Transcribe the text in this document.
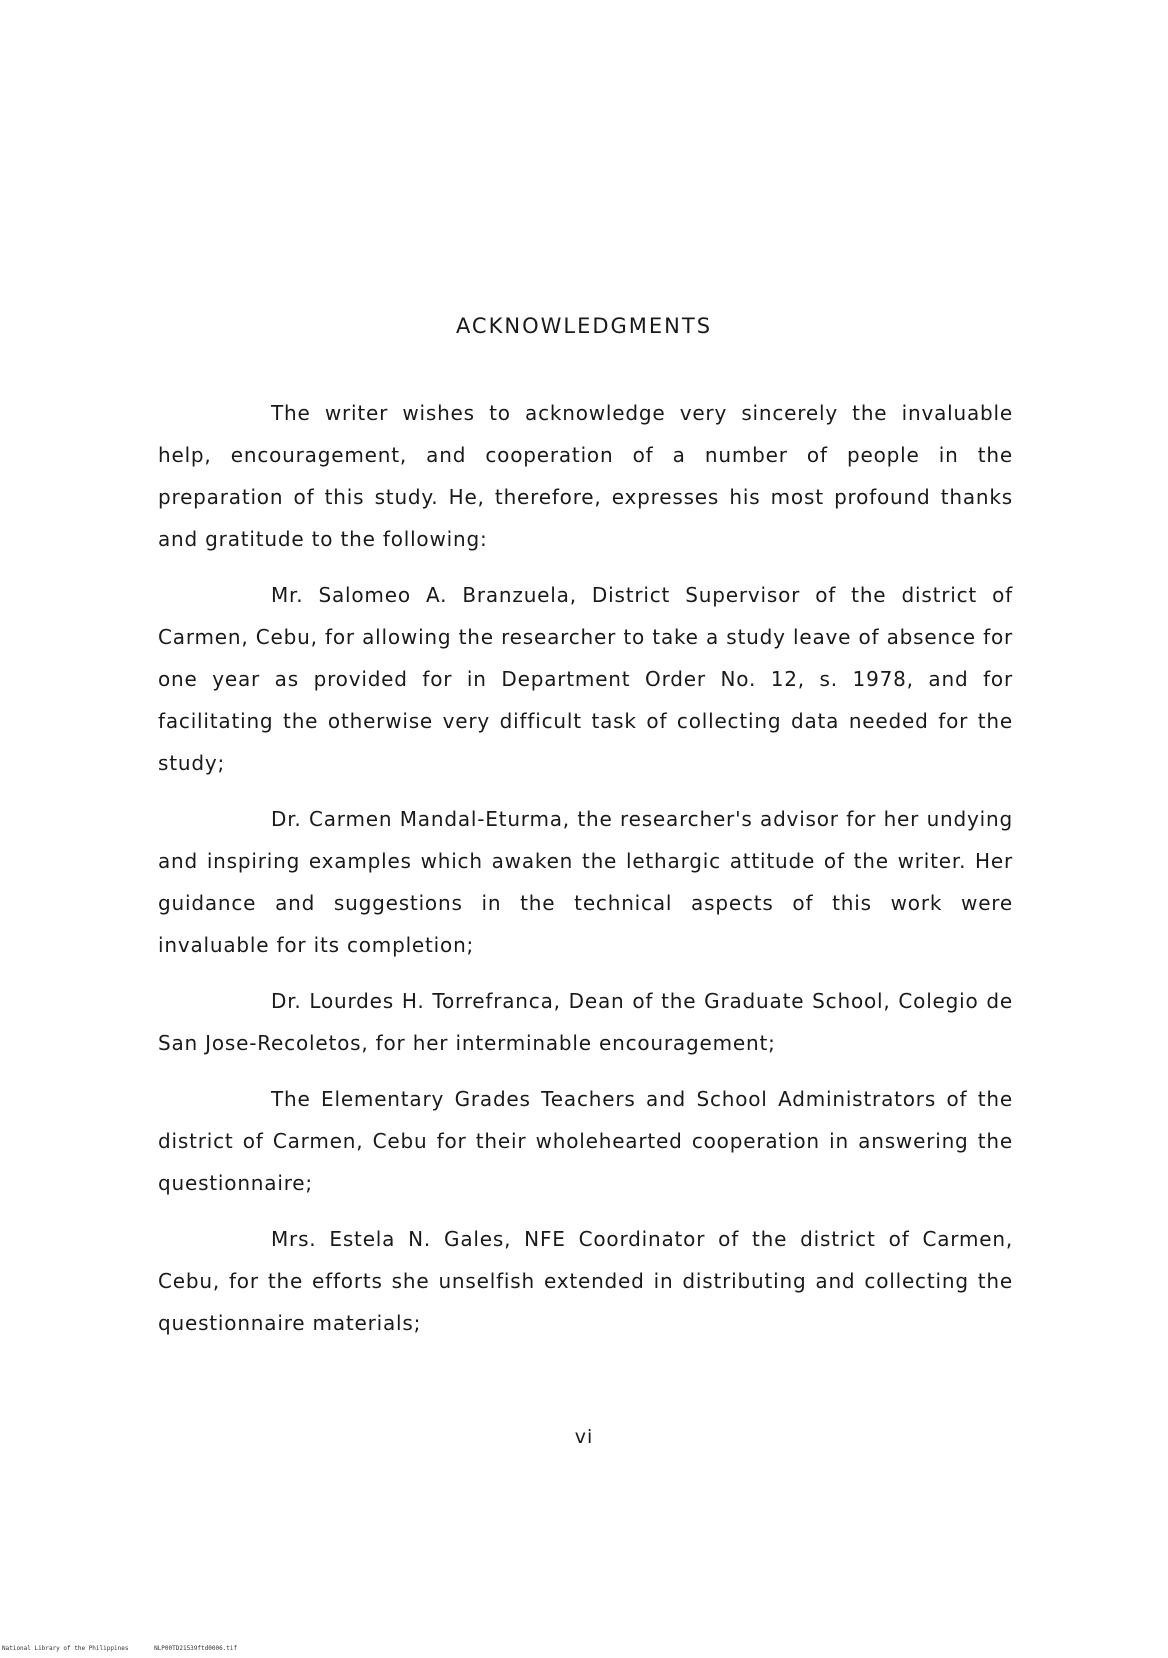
ACKNOWLEDGMENTS

The writer wishes to acknowledge very sincerely the invaluable help, encouragement, and cooperation of a number of people in the preparation of this study. He, therefore, expresses his most profound thanks and gratitude to the following:

Mr. Salomeo A. Branzuela, District Supervisor of the district of Carmen, Cebu, for allowing the researcher to take a study leave of absence for one year as provided for in Department Order No. 12, s. 1978, and for facilitating the otherwise very difficult task of collecting data needed for the study;

Dr. Carmen Mandal-Eturma, the researcher's advisor for her undying and inspiring examples which awaken the lethargic attitude of the writer. Her guidance and suggestions in the technical aspects of this work were invaluable for its completion;

Dr. Lourdes H. Torrefranca, Dean of the Graduate School, Colegio de San Jose-Recoletos, for her interminable encouragement;

The Elementary Grades Teachers and School Administrators of the district of Carmen, Cebu for their wholehearted cooperation in answering the questionnaire;

Mrs. Estela N. Gales, NFE Coordinator of the district of Carmen, Cebu, for the efforts she unselfish extended in distributing and collecting the questionnaire materials;

vi
National Library of the Philippines	NLP00TD21539ftd0006.tif
